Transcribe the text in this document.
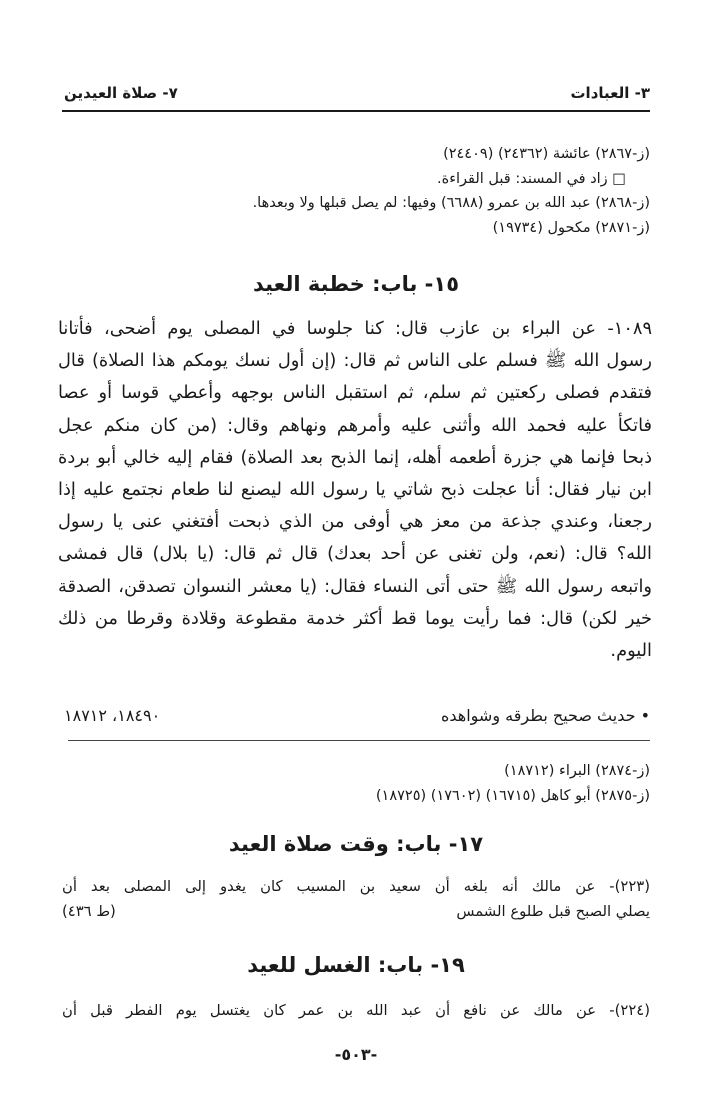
٣- العبادات
٧- صلاة العيدين
(ز-٢٨٦٧) عائشة (٢٤٣٦٢) (٢٤٤٠٩)
□ زاد في المسند: قبل القراءة.
(ز-٢٨٦٨) عبد الله بن عمرو (٦٦٨٨) وفيها: لم يصل قبلها ولا وبعدها.
(ز-٢٨٧١) مكحول (١٩٧٣٤)
١٥- باب: خطبة العيد
١٠٨٩- عن البراء بن عازب قال: كنا جلوسا في المصلى يوم أضحى، فأتانا
رسول الله ﷺ فسلم على الناس ثم قال: (إن أول نسك يومكم هذا الصلاة) قال
فتقدم فصلى ركعتين ثم سلم، ثم استقبل الناس بوجهه وأعطي قوسا أو عصا
فاتكأ عليه فحمد الله وأثنى عليه وأمرهم ونهاهم وقال: (من كان منكم عجل
ذبحا فإنما هي جزرة أطعمه أهله، إنما الذبح بعد الصلاة) فقام إليه خالي أبو بردة
ابن نيار فقال: أنا عجلت ذبح شاتي يا رسول الله ليصنع لنا طعام نجتمع عليه إذا
رجعنا، وعندي جذعة من معز هي أوفى من الذي ذبحت أفتغني عنى يا رسول
الله؟ قال: (نعم، ولن تغنى عن أحد بعدك) قال ثم قال: (يا بلال) قال فمشى
واتبعه رسول الله ﷺ حتى أتى النساء فقال: (يا معشر النسوان تصدقن، الصدقة
خير لكن) قال: فما رأيت يوما قط أكثر خدمة مقطوعة وقلادة وقرطا من ذلك
اليوم.
• حديث صحيح بطرقه وشواهده
١٨٤٩٠، ١٨٧١٢
(ز-٢٨٧٤) البراء (١٨٧١٢)
(ز-٢٨٧٥) أبو كاهل (١٦٧١٥) (١٧٦٠٢) (١٨٧٢٥)
١٧- باب: وقت صلاة العيد
(٢٢٣)- عن مالك أنه بلغه أن سعيد بن المسيب كان يغدو إلى المصلى بعد أن
يصلي الصبح قبل طلوع الشمس
(ط ٤٣٦)
١٩- باب: الغسل للعيد
(٢٢٤)- عن مالك عن نافع أن عبد الله بن عمر كان يغتسل يوم الفطر قبل أن
-٥٠٣-
